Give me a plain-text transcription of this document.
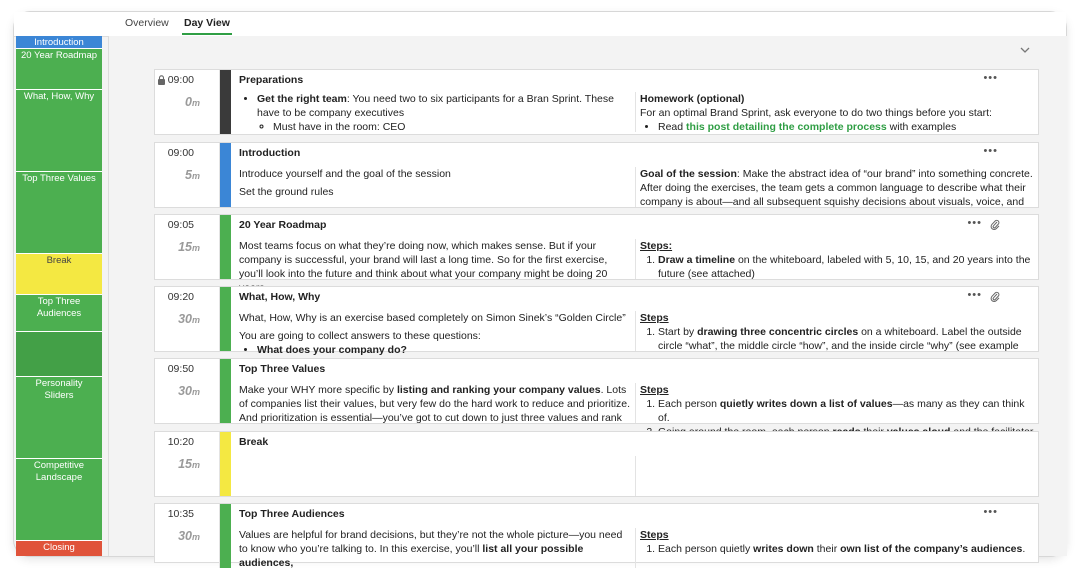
Overview Day View
Introduction
20 Year Roadmap
What, How, Why
Top Three Values
Break
Top Three Audiences
Personality Sliders
Competitive Landscape
Closing
09:00
0m
Preparations	•••
• Get the right team: You need two to six participants for a Bran Sprint. These have to be company executives
◦ Must have in the room: CEO

Homework (optional)

For an optimal Brand Sprint, ask everyone to do two things before you start:

• Read this post detailing the complete process with examples
09:00
5m
Introduction	•••

Introduce yourself and the goal of the session

Set the ground rules

Goal of the session: Make the abstract idea of “our brand” into something concrete. After doing the exercises, the team gets a common language to describe what their company is about—and all subsequent squishy decisions about visuals, voice, and

09:05
15m
20 Year Roadmap	•••

Most teams focus on what they’re doing now, which makes sense. But if your company is successful, your brand will last a long time. So for the first exercise, you’ll look into the future and think about what your company might be doing 20

Steps:

1. Draw a timeline on the whiteboard, labeled with 5, 10, 15, and 20 years into the future (see attached)
09:20
30m
What, How, Why	•••

What, How, Why is an exercise based completely on Simon Sinek’s “Golden Circle”

You are going to collect answers to these questions:

• What does your company do?

Steps

1. Start by drawing three concentric circles on a whiteboard. Label the outside circle “what”, the middle circle “how”, and the inside circle “why” (see example
09:50
30m
Top Three Values

Make your WHY more specific by listing and ranking your company values. Lots of companies list their values, but very few do the hard work to reduce and prioritize. And prioritization is essential—you’ve got to cut down to just three values and rank

Steps

1. Each person quietly writes down a list of values—as many as they can think of.
2.
10:20
15m
Break
10:35
30m
Top Three Audiences	•••

Values are helpful for brand decisions, but they’re not the whole picture—you need to know who you’re talking to. In this exercise, you’ll list all your possible audiences,

Steps

1. Each person quietly writes down their own list of the company’s audiences.
